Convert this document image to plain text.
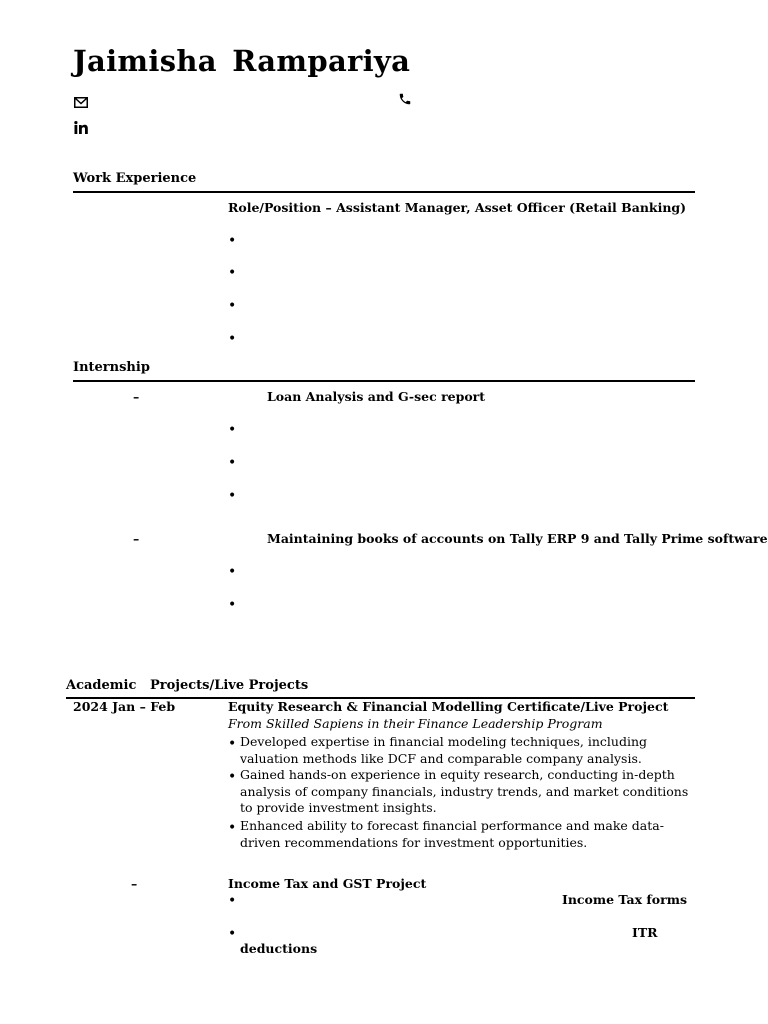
Jaimisha Rampariya
Work Experience
Role/Position – Assistant Manager, Asset Officer (Retail Banking)
•
•
•
•
Internship
–	Loan Analysis and G-sec report
•
•
•
–	Maintaining books of accounts on Tally ERP 9 and Tally Prime software
•
•
Academic   Projects/Live Projects
2024 Jan – Feb	Equity Research & Financial Modelling Certificate/Live Project
From Skilled Sapiens in their Finance Leadership Program
•
Developed expertise in financial modeling techniques, including valuation methods like DCF and comparable company analysis.
•
Gained hands-on experience in equity research, conducting in-depth analysis of company financials, industry trends, and market conditions to provide investment insights.
•
Enhanced ability to forecast financial performance and make data-driven recommendations for investment opportunities.
–	Income Tax and GST Project
•
Income Tax forms
•
ITR
deductions
